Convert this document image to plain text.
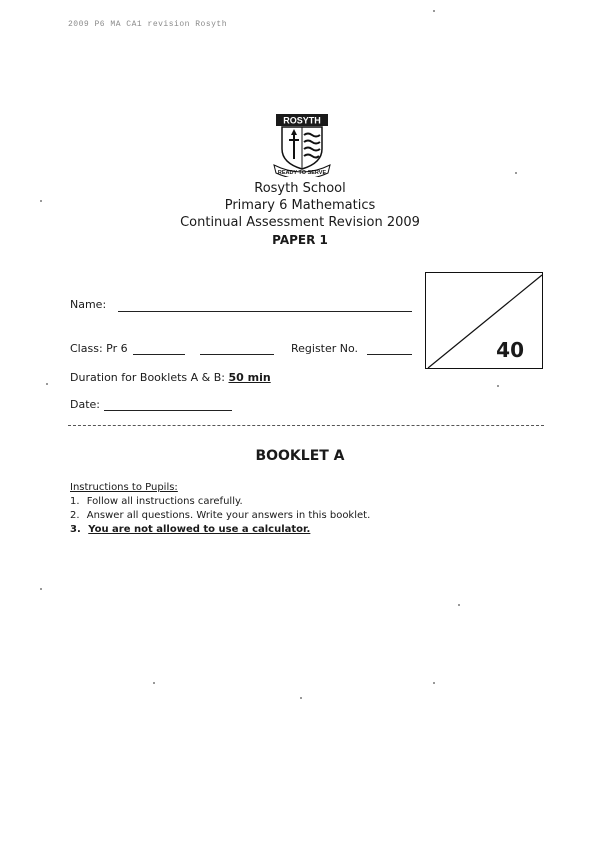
2009 P6 MA CA1 revision Rosyth
ROSYTH
READY TO SERVE
Rosyth School
Primary 6 Mathematics
Continual Assessment Revision 2009
PAPER 1
Name:
Class: Pr 6	Register No.
Duration for Booklets A & B: 50 min
Date:
40
BOOKLET A
Instructions to Pupils:
1. Follow all instructions carefully.
2. Answer all questions. Write your answers in this booklet.
3. You are not allowed to use a calculator.
